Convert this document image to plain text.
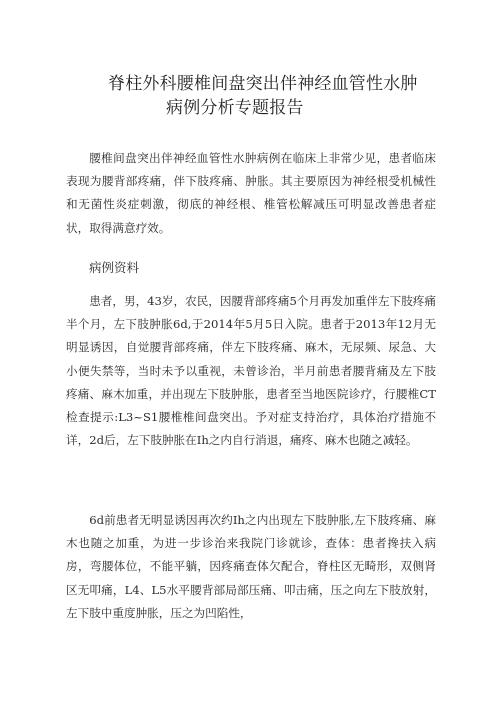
脊柱外科腰椎间盘突出伴神经血管性水肿
病例分析专题报告

腰椎间盘突出伴神经血管性水肿病例在临床上非常少见，患者临床表现为腰背部疼痛，伴下肢疼痛、肿胀。其主要原因为神经根受机械性和无菌性炎症刺激，彻底的神经根、椎管松解减压可明显改善患者症状，取得满意疗效。

病例资料

患者，男，43岁，农民，因腰背部疼痛5个月再发加重伴左下肢疼痛半个月，左下肢肿胀6d,于2014年5月5日入院。患者于2013年12月无明显诱因，自觉腰背部疼痛，伴左下肢疼痛、麻木，无尿频、尿急、大小便失禁等，当时未予以重视，未曾诊治，半月前患者腰背痛及左下肢疼痛、麻木加重，并出现左下肢肿胀，患者至当地医院诊疗，行腰椎CT检查提示:L3~S1腰椎椎间盘突出。予对症支持治疗，具体治疗措施不详，2d后，左下肢肿胀在Ih之内自行消退，痛疼、麻木也随之减轻。

6d前患者无明显诱因再次约Ih之内出现左下肢肿胀,左下肢疼痛、麻木也随之加重，为进一步诊治来我院门诊就诊，查体：患者搀扶入病房，弯腰体位，不能平躺，因疼痛查体欠配合，脊柱区无畸形，双侧肾区无叩痛，L4、L5水平腰背部局部压痛、叩击痛，压之向左下肢放射，左下肢中重度肿胀，压之为凹陷性，
